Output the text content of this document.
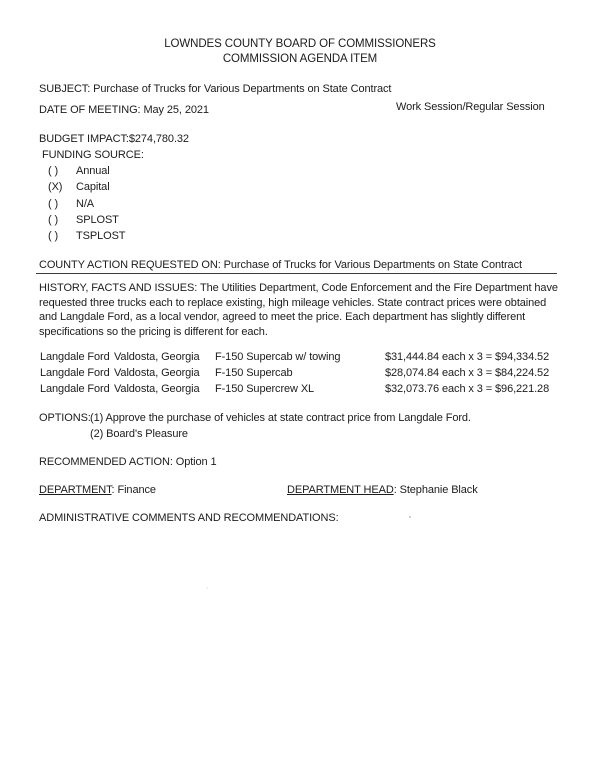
LOWNDES COUNTY BOARD OF COMMISSIONERS
COMMISSION AGENDA ITEM
SUBJECT: Purchase of Trucks for Various Departments on State Contract
DATE OF MEETING: May 25, 2021	Work Session/Regular Session
BUDGET IMPACT:$274,780.32
FUNDING SOURCE:
( ) Annual
(X) Capital
( ) N/A
( ) SPLOST
( ) TSPLOST
COUNTY ACTION REQUESTED ON: Purchase of Trucks for Various Departments on State Contract
HISTORY, FACTS AND ISSUES: The Utilities Department, Code Enforcement and the Fire Department have requested three trucks each to replace existing, high mileage vehicles. State contract prices were obtained and Langdale Ford, as a local vendor, agreed to meet the price. Each department has slightly different specifications so the pricing is different for each.
Langdale Ford Valdosta, Georgia F-150 Supercab w/ towing	$31,444.84 each x 3 = $94,334.52
Langdale Ford Valdosta, Georgia F-150 Supercab	$28,074.84 each x 3 = $84,224.52
Langdale Ford Valdosta, Georgia F-150 Supercrew XL	$32,073.76 each x 3 = $96,221.28
OPTIONS: (1) Approve the purchase of vehicles at state contract price from Langdale Ford.
(2) Board's Pleasure
RECOMMENDED ACTION: Option 1
DEPARTMENT: Finance	DEPARTMENT HEAD: Stephanie Black
ADMINISTRATIVE COMMENTS AND RECOMMENDATIONS:
